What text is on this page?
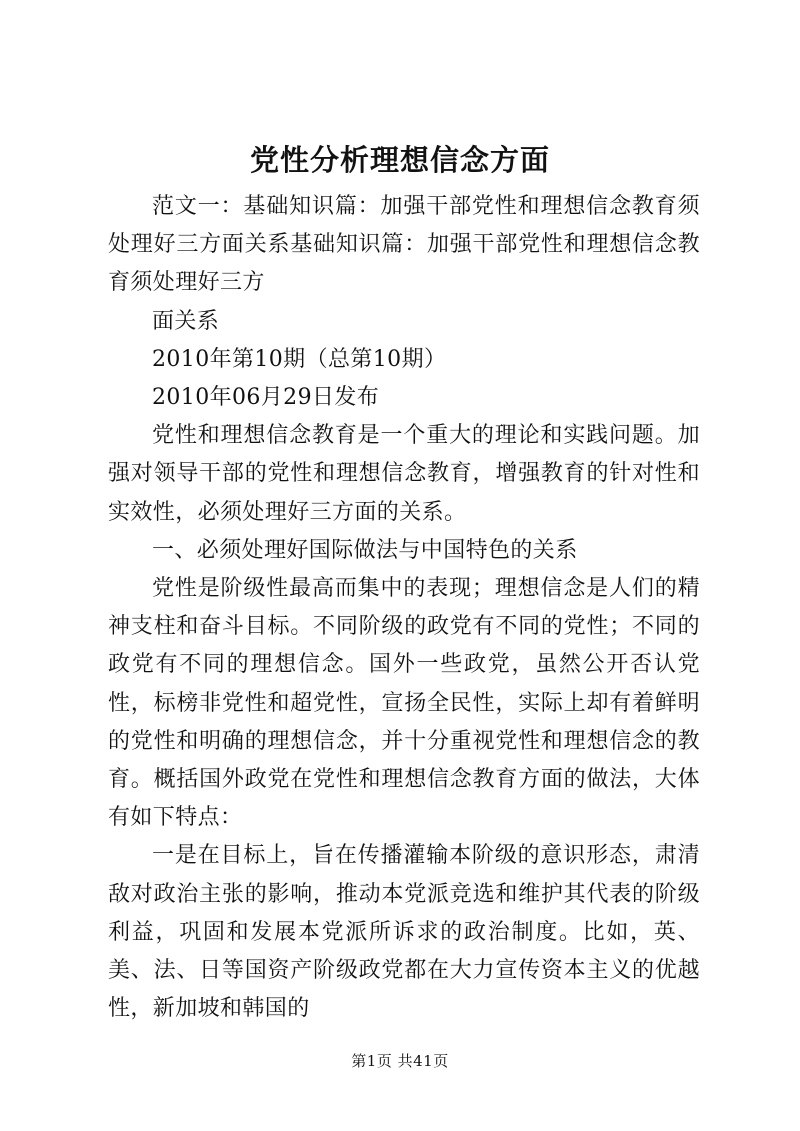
党性分析理想信念方面

范文一：基础知识篇：加强干部党性和理想信念教育须处理好三方面关系基础知识篇：加强干部党性和理想信念教育须处理好三方

面关系

2010年第10期（总第10期）

2010年06月29日发布

党性和理想信念教育是一个重大的理论和实践问题。加强对领导干部的党性和理想信念教育，增强教育的针对性和实效性，必须处理好三方面的关系。

一、必须处理好国际做法与中国特色的关系

党性是阶级性最高而集中的表现；理想信念是人们的精神支柱和奋斗目标。不同阶级的政党有不同的党性；不同的政党有不同的理想信念。国外一些政党，虽然公开否认党性，标榜非党性和超党性，宣扬全民性，实际上却有着鲜明的党性和明确的理想信念，并十分重视党性和理想信念的教育。概括国外政党在党性和理想信念教育方面的做法，大体有如下特点：

一是在目标上，旨在传播灌输本阶级的意识形态，肃清敌对政治主张的影响，推动本党派竞选和维护其代表的阶级利益，巩固和发展本党派所诉求的政治制度。比如，英、美、法、日等国资产阶级政党都在大力宣传资本主义的优越性，新加坡和韩国的

第1页 共41页
